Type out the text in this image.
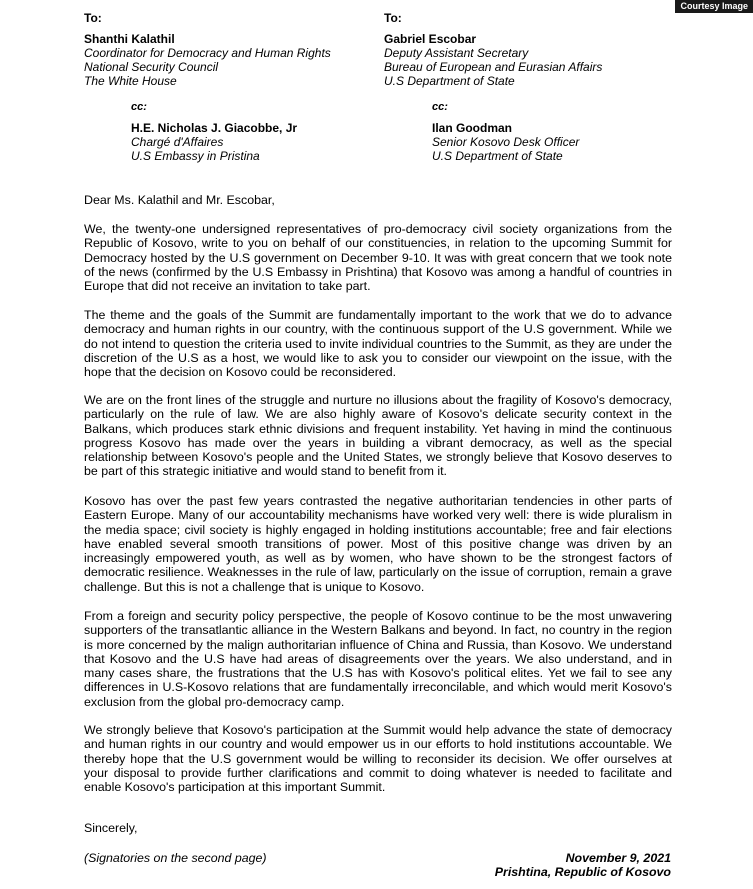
Courtesy Image
To:
Shanthi Kalathil
Coordinator for Democracy and Human Rights
National Security Council
The White House
To:
Gabriel Escobar
Deputy Assistant Secretary
Bureau of European and Eurasian Affairs
U.S Department of State
cc:
H.E. Nicholas J. Giacobbe, Jr
Chargé d'Affaires
U.S Embassy in Pristina
cc:
Ilan Goodman
Senior Kosovo Desk Officer
U.S Department of State
Dear Ms. Kalathil and Mr. Escobar,
We, the twenty-one undersigned representatives of pro-democracy civil society organizations from the Republic of Kosovo, write to you on behalf of our constituencies, in relation to the upcoming Summit for Democracy hosted by the U.S government on December 9-10. It was with great concern that we took note of the news (confirmed by the U.S Embassy in Prishtina) that Kosovo was among a handful of countries in Europe that did not receive an invitation to take part.
The theme and the goals of the Summit are fundamentally important to the work that we do to advance democracy and human rights in our country, with the continuous support of the U.S government. While we do not intend to question the criteria used to invite individual countries to the Summit, as they are under the discretion of the U.S as a host, we would like to ask you to consider our viewpoint on the issue, with the hope that the decision on Kosovo could be reconsidered.
We are on the front lines of the struggle and nurture no illusions about the fragility of Kosovo's democracy, particularly on the rule of law. We are also highly aware of Kosovo's delicate security context in the Balkans, which produces stark ethnic divisions and frequent instability. Yet having in mind the continuous progress Kosovo has made over the years in building a vibrant democracy, as well as the special relationship between Kosovo's people and the United States, we strongly believe that Kosovo deserves to be part of this strategic initiative and would stand to benefit from it.
Kosovo has over the past few years contrasted the negative authoritarian tendencies in other parts of Eastern Europe. Many of our accountability mechanisms have worked very well: there is wide pluralism in the media space; civil society is highly engaged in holding institutions accountable; free and fair elections have enabled several smooth transitions of power. Most of this positive change was driven by an increasingly empowered youth, as well as by women, who have shown to be the strongest factors of democratic resilience. Weaknesses in the rule of law, particularly on the issue of corruption, remain a grave challenge. But this is not a challenge that is unique to Kosovo.
From a foreign and security policy perspective, the people of Kosovo continue to be the most unwavering supporters of the transatlantic alliance in the Western Balkans and beyond. In fact, no country in the region is more concerned by the malign authoritarian influence of China and Russia, than Kosovo. We understand that Kosovo and the U.S have had areas of disagreements over the years. We also understand, and in many cases share, the frustrations that the U.S has with Kosovo's political elites. Yet we fail to see any differences in U.S-Kosovo relations that are fundamentally irreconcilable, and which would merit Kosovo's exclusion from the global pro-democracy camp.
We strongly believe that Kosovo's participation at the Summit would help advance the state of democracy and human rights in our country and would empower us in our efforts to hold institutions accountable. We thereby hope that the U.S government would be willing to reconsider its decision. We offer ourselves at your disposal to provide further clarifications and commit to doing whatever is needed to facilitate and enable Kosovo's participation at this important Summit.
Sincerely,
(Signatories on the second page)	November 9, 2021
Prishtina, Republic of Kosovo
